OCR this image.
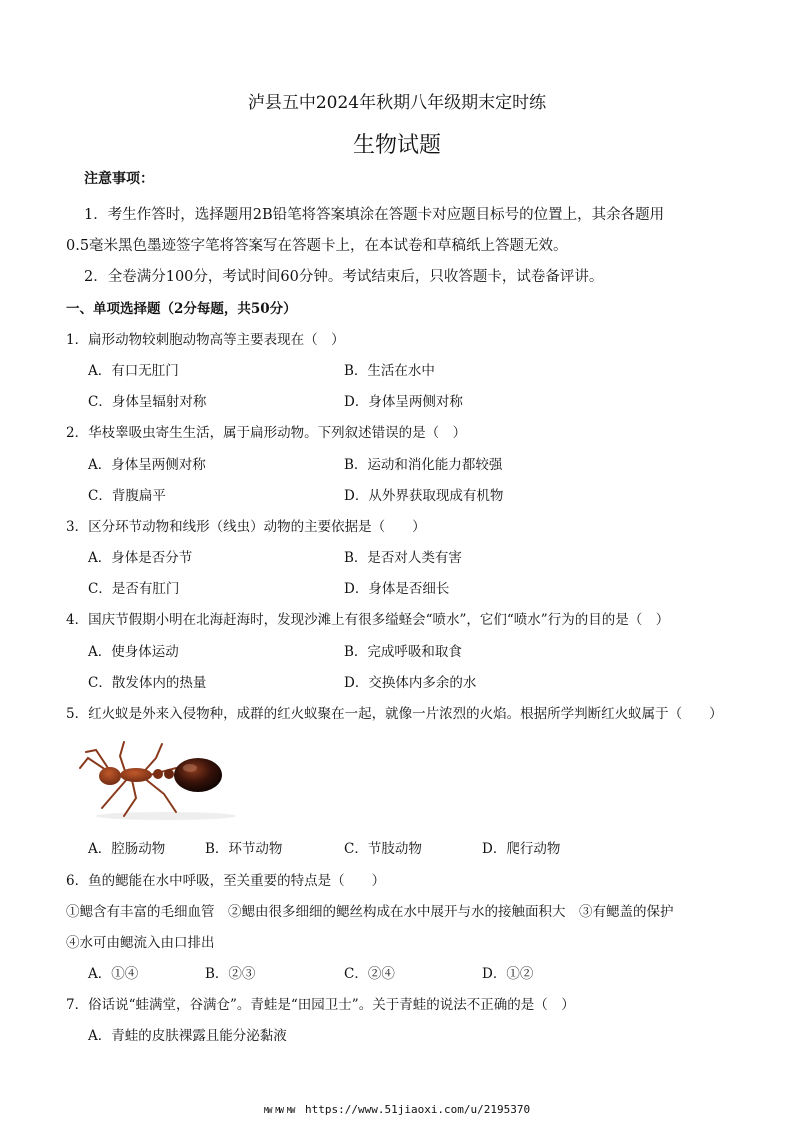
泸县五中2024年秋期八年级期末定时练
生物试题
注意事项：
1．考生作答时，选择题用2B铅笔将答案填涂在答题卡对应题目标号的位置上，其余各题用
0.5毫米黑色墨迹签字笔将答案写在答题卡上，在本试卷和草稿纸上答题无效。
2．全卷满分100分，考试时间60分钟。考试结束后，只收答题卡，试卷备评讲。
一、单项选择题（2分每题，共50分）
1．扁形动物较刺胞动物高等主要表现在（　）
A．有口无肛门	B．生活在水中
C．身体呈辐射对称	D．身体呈两侧对称
2．华枝睾吸虫寄生生活，属于扁形动物。下列叙述错误的是（　）
A．身体呈两侧对称	B．运动和消化能力都较强
C．背腹扁平	D．从外界获取现成有机物
3．区分环节动物和线形（线虫）动物的主要依据是（　　）
A．身体是否分节	B．是否对人类有害
C．是否有肛门	D．身体是否细长
4．国庆节假期小明在北海赶海时，发现沙滩上有很多缢蛏会“喷水”，它们“喷水”行为的目的是（　）
A．使身体运动	B．完成呼吸和取食
C．散发体内的热量	D．交换体内多余的水
5．红火蚁是外来入侵物种，成群的红火蚁聚在一起，就像一片浓烈的火焰。根据所学判断红火蚁属于（　　）
A．腔肠动物	B．环节动物	C．节肢动物	D．爬行动物
6．鱼的鳃能在水中呼吸，至关重要的特点是（　　）
①鳃含有丰富的毛细血管　②鳃由很多细细的鳃丝构成在水中展开与水的接触面积大　③有鳃盖的保护
④水可由鳃流入由口排出
A．①④	B．②③	C．②④	D．①②
7．俗话说“蛙满堂，谷满仓”。青蛙是“田园卫士”。关于青蛙的说法不正确的是（　）
A．青蛙的皮肤裸露且能分泌黏液
MW MW MW https://www.51jiaoxi.com/u/2195370
